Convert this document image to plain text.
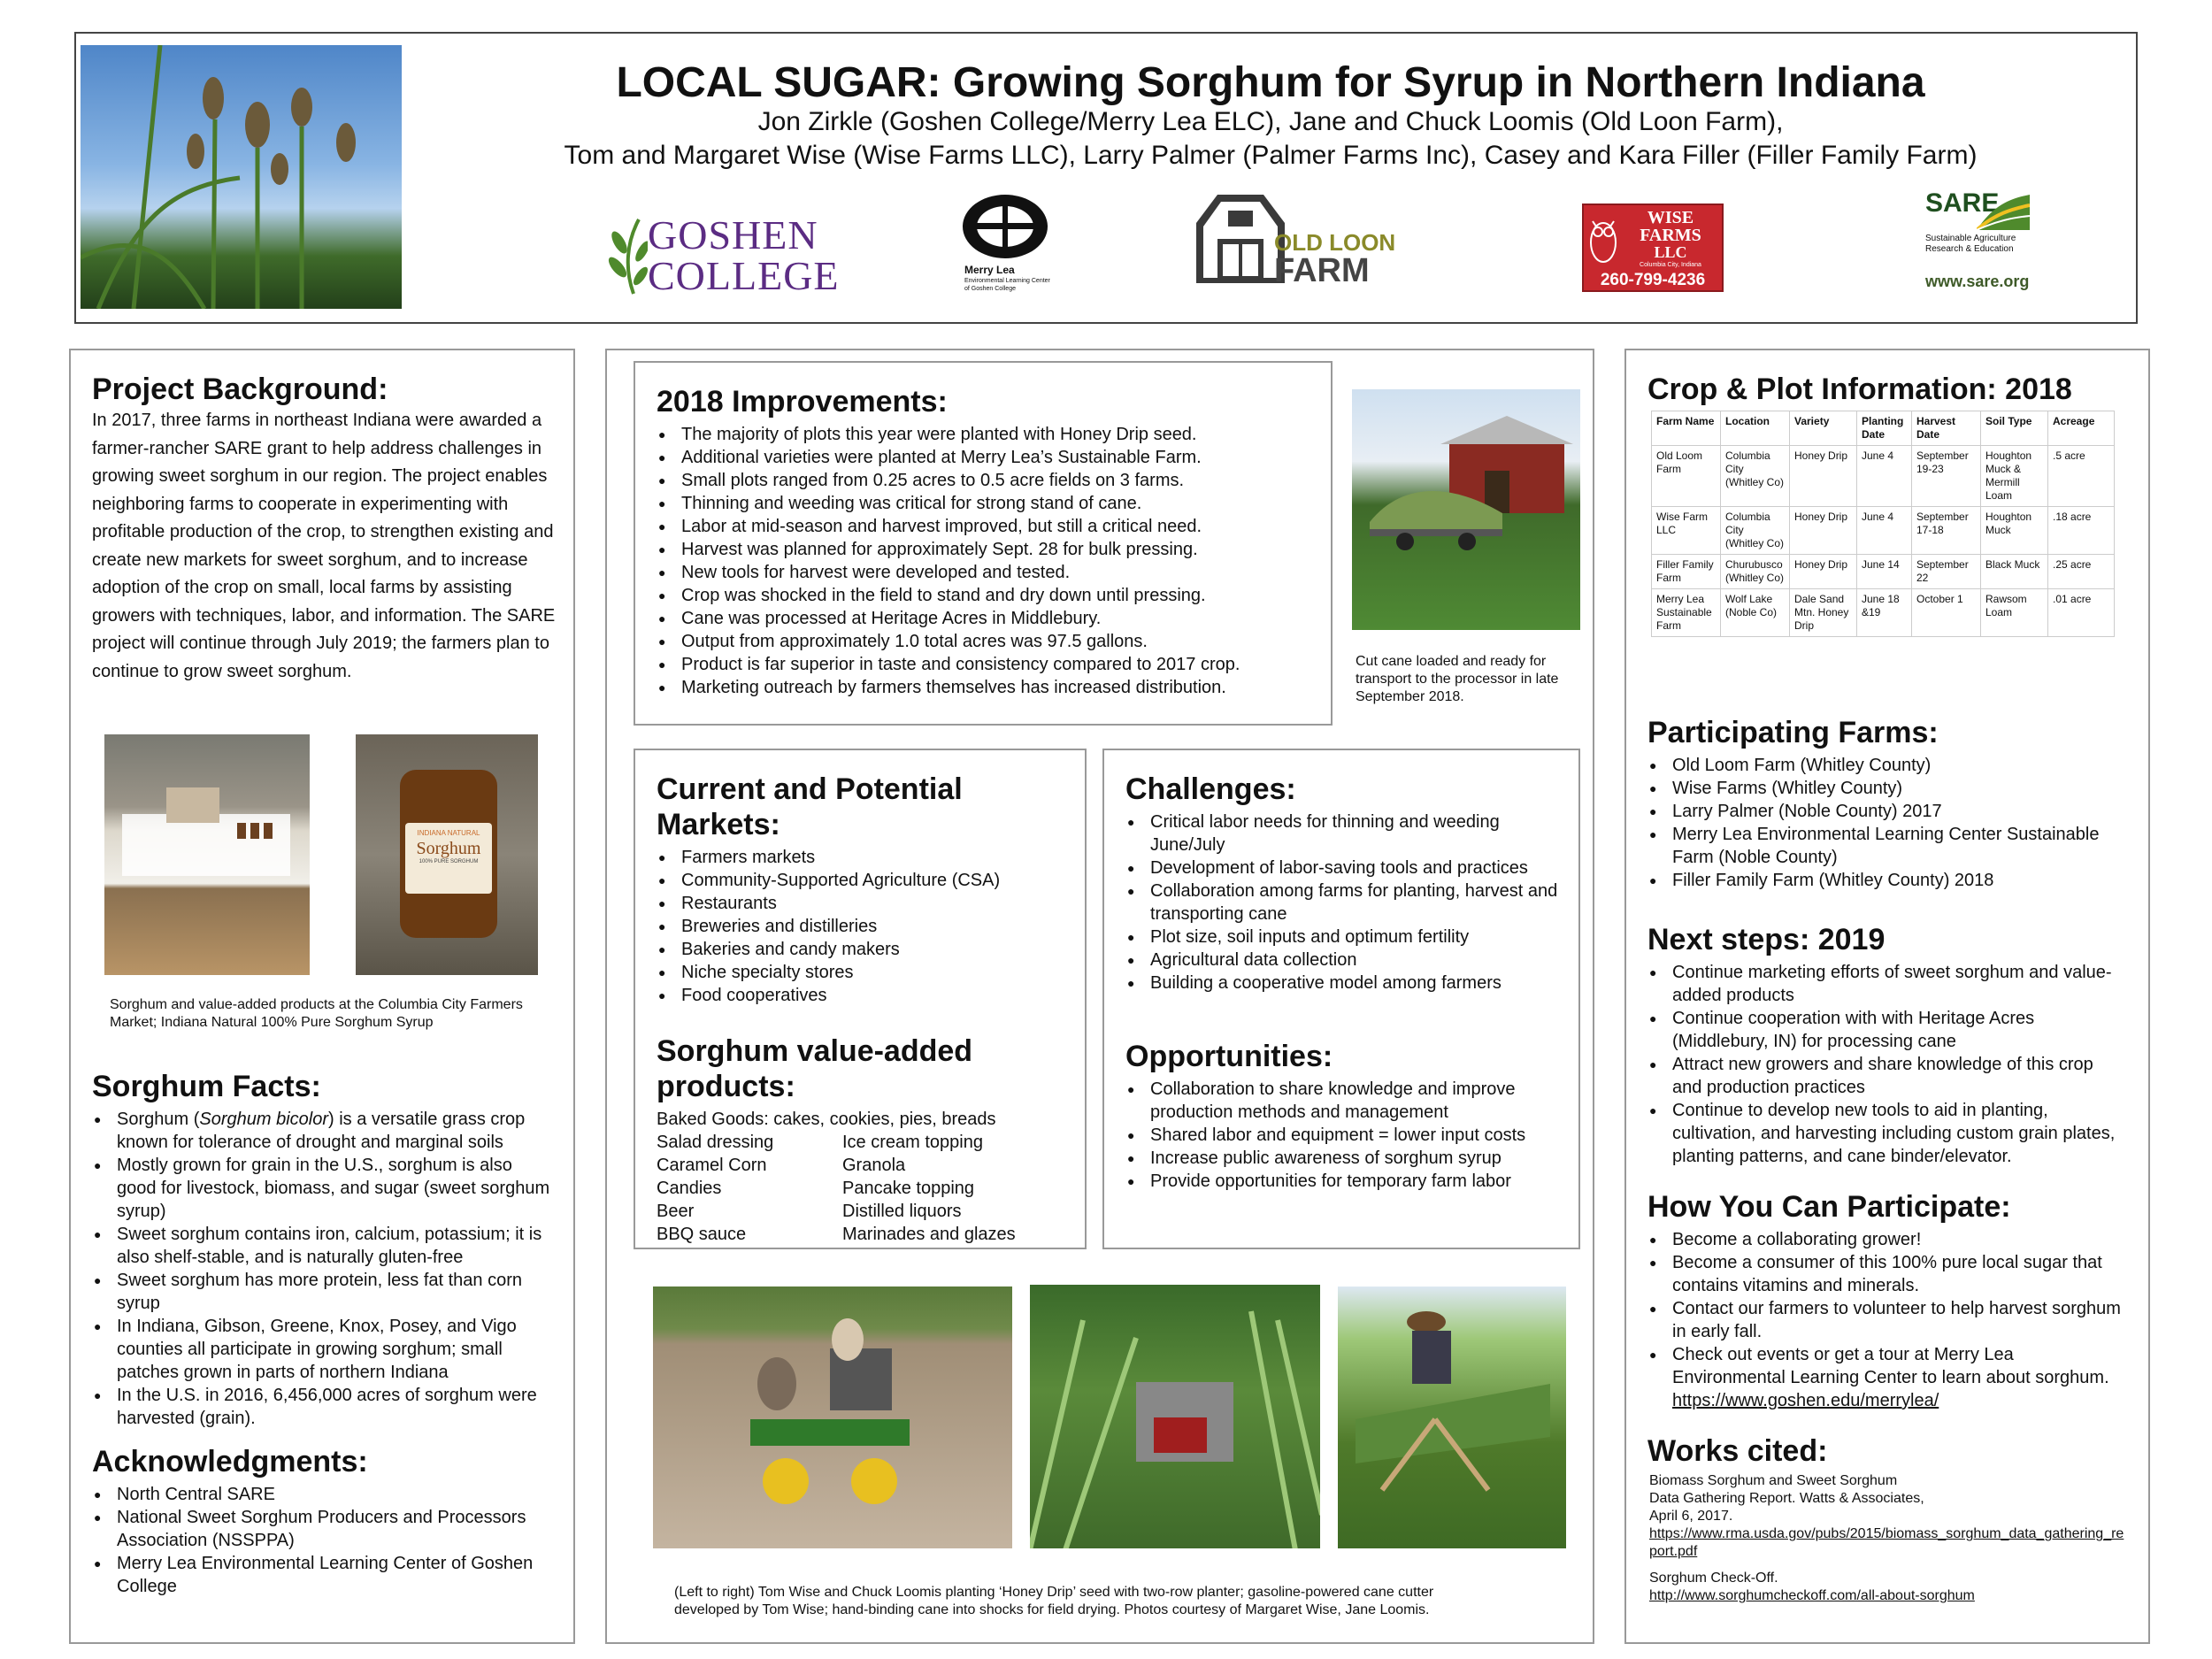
LOCAL SUGAR: Growing Sorghum for Syrup in Northern Indiana
Jon Zirkle (Goshen College/Merry Lea ELC), Jane and Chuck Loomis (Old Loon Farm),
Tom and Margaret Wise (Wise Farms LLC), Larry Palmer (Palmer Farms Inc), Casey and Kara Filler (Filler Family Farm)
GOSHEN
COLLEGE	Merry Lea
Environmental Learning Center
of Goshen College
OLD LOON
FARM
WISE
FARMS
LLC
Columbia City, Indiana
260-799-4236
SARE
Sustainable Agriculture
Research & Education
www.sare.org
Project Background:

In 2017, three farms in northeast Indiana were awarded a farmer-rancher SARE grant to help address challenges in growing sweet sorghum in our region. The project enables neighboring farms to cooperate in experimenting with profitable production of the crop, to strengthen existing and create new markets for sweet sorghum, and to increase adoption of the crop on small, local farms by assisting growers with techniques, labor, and information. The SARE project will continue through July 2019; the farmers plan to continue to grow sweet sorghum.

INDIANA NATURAL
Sorghum
100% PURE SORGHUM
Sorghum and value-added products at the Columbia City Farmers Market; Indiana Natural 100% Pure Sorghum Syrup
Sorghum Facts:
● Sorghum (Sorghum bicolor) is a versatile grass crop known for tolerance of drought and marginal soils
● Mostly grown for grain in the U.S., sorghum is also good for livestock, biomass, and sugar (sweet sorghum syrup)
● Sweet sorghum contains iron, calcium, potassium; it is also shelf-stable, and is naturally gluten-free
● Sweet sorghum has more protein, less fat than corn syrup
● In Indiana, Gibson, Greene, Knox, Posey, and Vigo counties all participate in growing sorghum; small patches grown in parts of northern Indiana
● In the U.S. in 2016, 6,456,000 acres of sorghum were harvested (grain).
Acknowledgments:
● North Central SARE
● National Sweet Sorghum Producers and Processors Association (NSSPPA)
● Merry Lea Environmental Learning Center of Goshen College
2018 Improvements:
● The majority of plots this year were planted with Honey Drip seed.
● Additional varieties were planted at Merry Lea’s Sustainable Farm.
● Small plots ranged from 0.25 acres to 0.5 acre fields on 3 farms.
● Thinning and weeding was critical for strong stand of cane.
● Labor at mid-season and harvest improved, but still a critical need.
● Harvest was planned for approximately Sept. 28 for bulk pressing.
● New tools for harvest were developed and tested.
● Crop was shocked in the field to stand and dry down until pressing.
● Cane was processed at Heritage Acres in Middlebury.
● Output from approximately 1.0 total acres was 97.5 gallons.
● Product is far superior in taste and consistency compared to 2017 crop.
● Marketing outreach by farmers themselves has increased distribution.
Cut cane loaded and ready for transport to the processor in late September 2018.
Current and Potential Markets:
● Farmers markets
● Community-Supported Agriculture (CSA)
● Restaurants
● Breweries and distilleries
● Bakeries and candy makers
● Niche specialty stores
● Food cooperatives
Sorghum value-added products:
Baked Goods: cakes, cookies, pies, breads
Salad dressing
Caramel Corn
Candies
Beer
BBQ sauce
Ice cream topping
Granola
Pancake topping
Distilled liquors
Marinades and glazes
Challenges:
● Critical labor needs for thinning and weeding June/July
● Development of labor-saving tools and practices
● Collaboration among farms for planting, harvest and transporting cane
● Plot size, soil inputs and optimum fertility
● Agricultural data collection
● Building a cooperative model among farmers
Opportunities:
● Collaboration to share knowledge and improve production methods and management
● Shared labor and equipment = lower input costs
● Increase public awareness of sorghum syrup
● Provide opportunities for temporary farm labor
(Left to right) Tom Wise and Chuck Loomis planting ‘Honey Drip’ seed with two-row planter; gasoline-powered cane cutter
developed by Tom Wise; hand-binding cane into shocks for field drying. Photos courtesy of Margaret Wise, Jane Loomis.
Crop & Plot Information: 2018
Farm Name	Location	Variety	Planting Date	Harvest Date	Soil Type	Acreage
Old Loom Farm	Columbia City (Whitley Co)	Honey Drip	June 4	September 19-23	Houghton Muck & Mermill Loam	.5 acre
Wise Farm LLC	Columbia City (Whitley Co)	Honey Drip	June 4	September 17-18	Houghton Muck	.18 acre
Filler Family Farm	Churubusco (Whitley Co)	Honey Drip	June 14	September 22	Black Muck	.25 acre
Merry Lea Sustainable Farm	Wolf Lake (Noble Co)	Dale Sand Mtn. Honey Drip	June 18 &19	October 1	Rawsom Loam	.01 acre
Participating Farms:
● Old Loom Farm (Whitley County)
● Wise Farms (Whitley County)
● Larry Palmer (Noble County) 2017
● Merry Lea Environmental Learning Center Sustainable Farm (Noble County)
● Filler Family Farm (Whitley County) 2018
Next steps: 2019
● Continue marketing efforts of sweet sorghum and value-added products
● Continue cooperation with with Heritage Acres (Middlebury, IN) for processing cane
● Attract new growers and share knowledge of this crop and production practices
● Continue to develop new tools to aid in planting, cultivation, and harvesting including custom grain plates, planting patterns, and cane binder/elevator.
How You Can Participate:
● Become a collaborating grower!
● Become a consumer of this 100% pure local sugar that contains vitamins and minerals.
● Contact our farmers to volunteer to help harvest sorghum in early fall.
● Check out events or get a tour at Merry Lea Environmental Learning Center to learn about sorghum. https://www.goshen.edu/merrylea/
Works cited:
Biomass Sorghum and Sweet Sorghum
Data Gathering Report. Watts & Associates,
April 6, 2017.
https://www.rma.usda.gov/pubs/2015/biomass_sorghum_data_gathering_report.pdf
Sorghum Check-Off.
http://www.sorghumcheckoff.com/all-about-sorghum
